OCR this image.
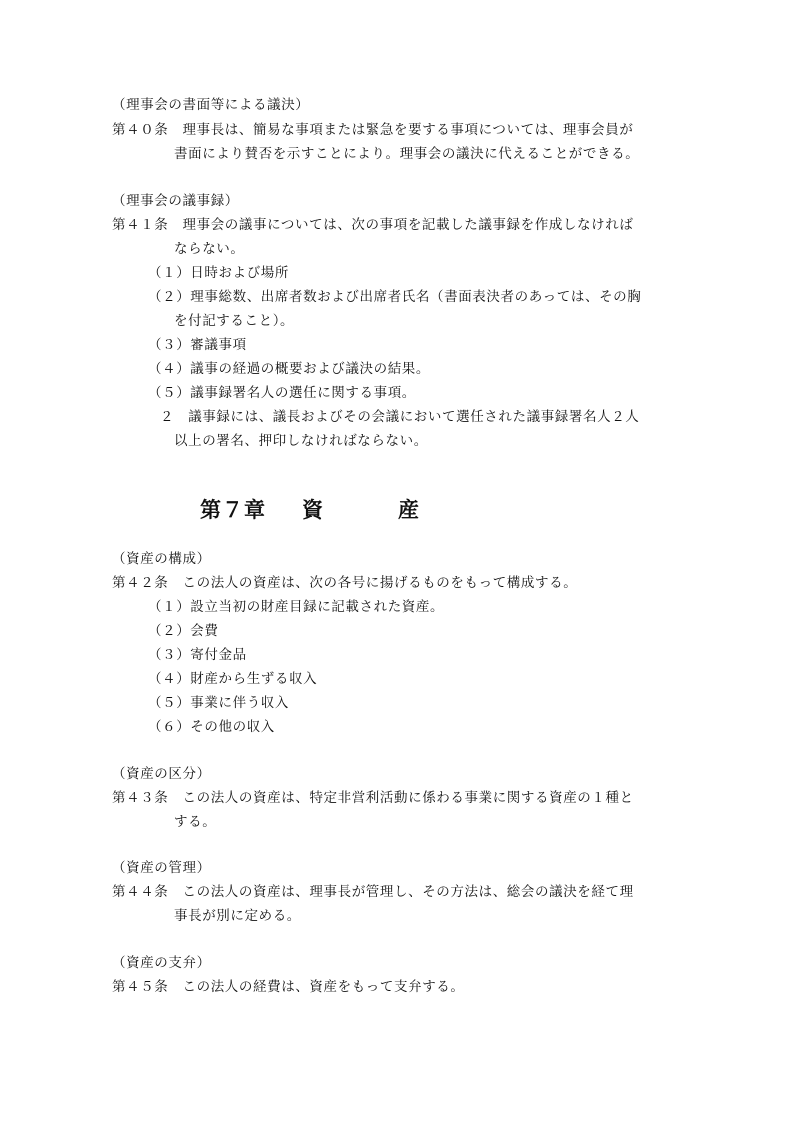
（理事会の書面等による議決）
第４０条　理事長は、簡易な事項または緊急を要する事項については、理事会員が
書面により賛否を示すことにより。理事会の議決に代えることができる。
（理事会の議事録）
第４１条　理事会の議事については、次の事項を記載した議事録を作成しなければ
ならない。
（１）日時および場所
（２）理事総数、出席者数および出席者氏名（書面表決者のあっては、その胸
を付記すること）。
（３）審議事項
（４）議事の経過の概要および議決の結果。
（５）議事録署名人の選任に関する事項。
２　議事録には、議長およびその会議において選任された議事録署名人２人
以上の署名、押印しなければならない。
第７章 資	産
（資産の構成）
第４２条　この法人の資産は、次の各号に揚げるものをもって構成する。
（１）設立当初の財産目録に記載された資産。
（２）会費
（３）寄付金品
（４）財産から生ずる収入
（５）事業に伴う収入
（６）その他の収入
（資産の区分）
第４３条　この法人の資産は、特定非営利活動に係わる事業に関する資産の１種と
する。
（資産の管理）
第４４条　この法人の資産は、理事長が管理し、その方法は、総会の議決を経て理
事長が別に定める。
（資産の支弁）
第４５条　この法人の経費は、資産をもって支弁する。
